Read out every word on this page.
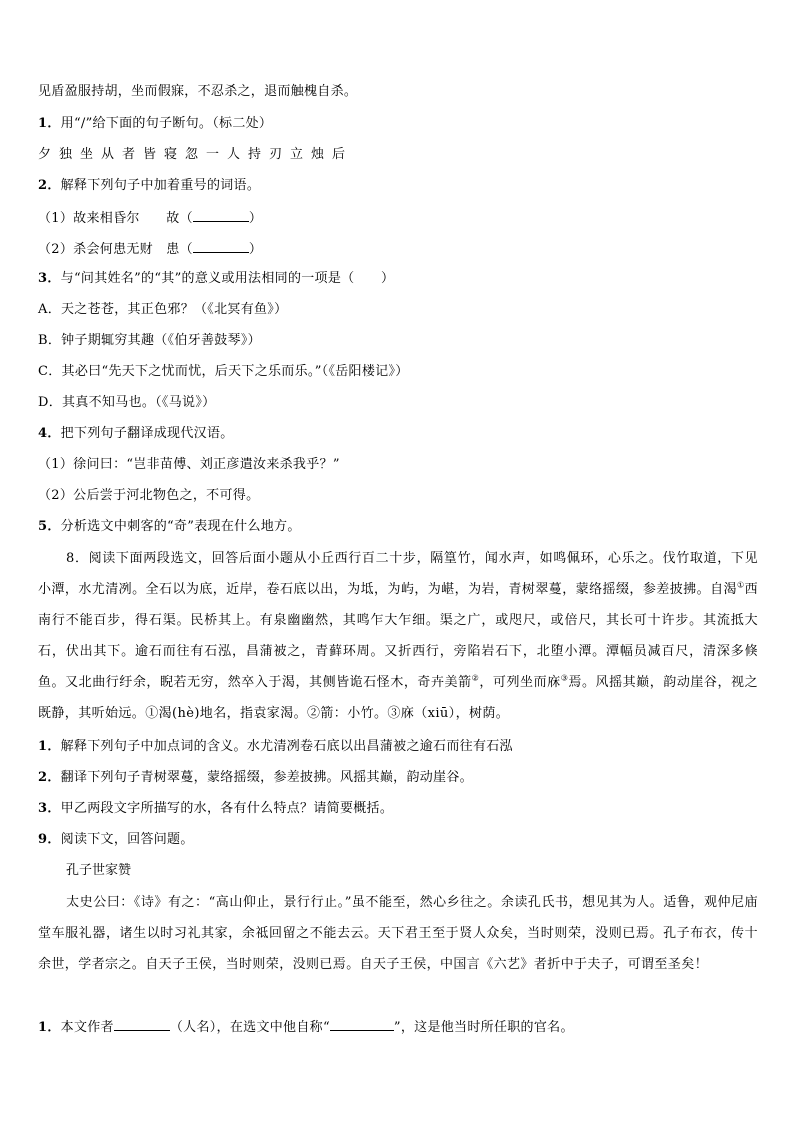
见盾盈服持胡，坐而假寐，不忍杀之，退而触槐自杀。
1．用“/”给下面的句子断句。（标二处）
夕独坐从者皆寝忽一人持刃立烛后
2．解释下列句子中加着重号的词语。
（1）故来相昏尔 故（	）
（2）杀会何患无财 患（	）
3．与“问其姓名”的“其”的意义或用法相同的一项是（　　）
A．天之苍苍，其正色邪？（《北冥有鱼》）
B．钟子期辄穷其趣（《伯牙善鼓琴》）
C．其必曰“先天下之忧而忧，后天下之乐而乐。”（《岳阳楼记》）
D．其真不知马也。（《马说》）
4．把下列句子翻译成现代汉语。
（1）徐问曰：“岂非苗傅、刘正彦遣汝来杀我乎？”
（2）公后尝于河北物色之，不可得。
5．分析选文中刺客的“奇”表现在什么地方。
8．阅读下面两段选文，回答后面小题从小丘西行百二十步，隔篁竹，闻水声，如鸣佩环，心乐之。伐竹取道，下见小潭，水尤清冽。全石以为底，近岸，卷石底以出，为坻，为屿，为嵁，为岩，青树翠蔓，蒙络摇缀，参差披拂。自渴①西南行不能百步，得石渠。民桥其上。有泉幽幽然，其鸣乍大乍细。渠之广，或咫尺，或倍尺，其长可十许步。其流抵大石，伏出其下。逾石而往有石泓，昌蒲被之，青藓环周。又折西行，旁陷岩石下，北堕小潭。潭幅员减百尺，清深多倏鱼。又北曲行纡余，睨若无穷，然卒入于渴，其侧皆诡石怪木，奇卉美箭②，可列坐而庥③焉。风摇其巅，韵动崖谷，视之既静，其听始远。①渴(hè)地名，指袁家渴。②箭：小竹。③庥（xiū），树荫。
1．解释下列句子中加点词的含义。水尤清冽卷石底以出昌蒲被之逾石而往有石泓
2．翻译下列句子青树翠蔓，蒙络摇缀，参差披拂。风摇其巅，韵动崖谷。
3．甲乙两段文字所描写的水，各有什么特点？请简要概括。
9．阅读下文，回答问题。
孔子世家赞
太史公曰：《诗》有之：“高山仰止，景行行止。”虽不能至，然心乡往之。余读孔氏书，想见其为人。适鲁，观仲尼庙堂车服礼器，诸生以时习礼其家，余祗回留之不能去云。天下君王至于贤人众矣，当时则荣，没则已焉。孔子布衣，传十余世，学者宗之。自天子王侯，当时则荣，没则已焉。自天子王侯，中国言《六艺》者折中于夫子，可谓至圣矣！
1．本文作者	（人名），在选文中他自称“	”，这是他当时所任职的官名。
